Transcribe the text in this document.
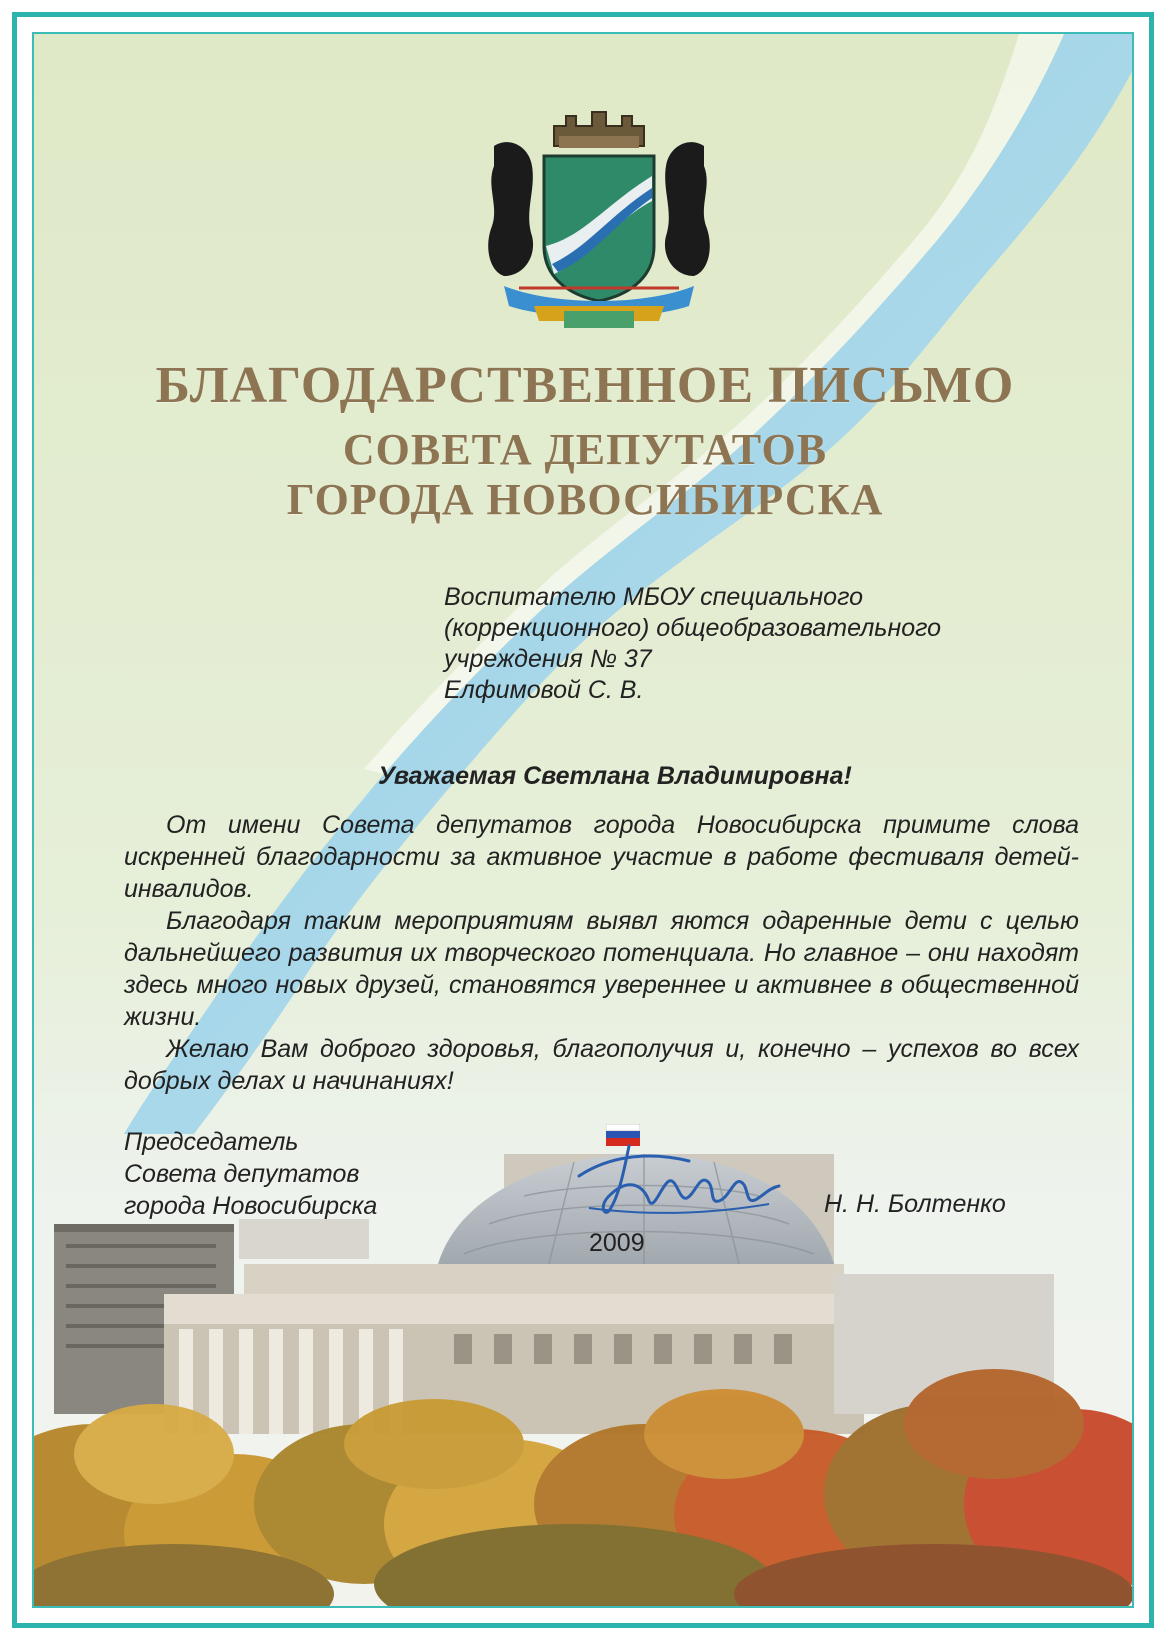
БЛАГОДАРСТВЕННОЕ ПИСЬМО
СОВЕТА ДЕПУТАТОВ
ГОРОДА НОВОСИБИРСКА
Воспитателю МБОУ специального
(коррекционного) общеобразовательного
учреждения № 37
Елфимовой С. В.
Уважаемая Светлана Владимировна!

От имени Совета депутатов города Новосибирска примите слова искренней благодарности за активное участие в работе фестиваля детей-инвалидов.

Благодаря таким мероприятиям выявл яются одаренные дети с целью дальнейшего развития их творческого потенциала. Но главное – они находят здесь много новых друзей, становятся увереннее и активнее в общественной жизни.

Желаю Вам доброго здоровья, благополучия и, конечно – успехов во всех добрых делах и начинаниях!

Председатель
Совета депутатов
города Новосибирска	Н. Н. Болтенко
2009
